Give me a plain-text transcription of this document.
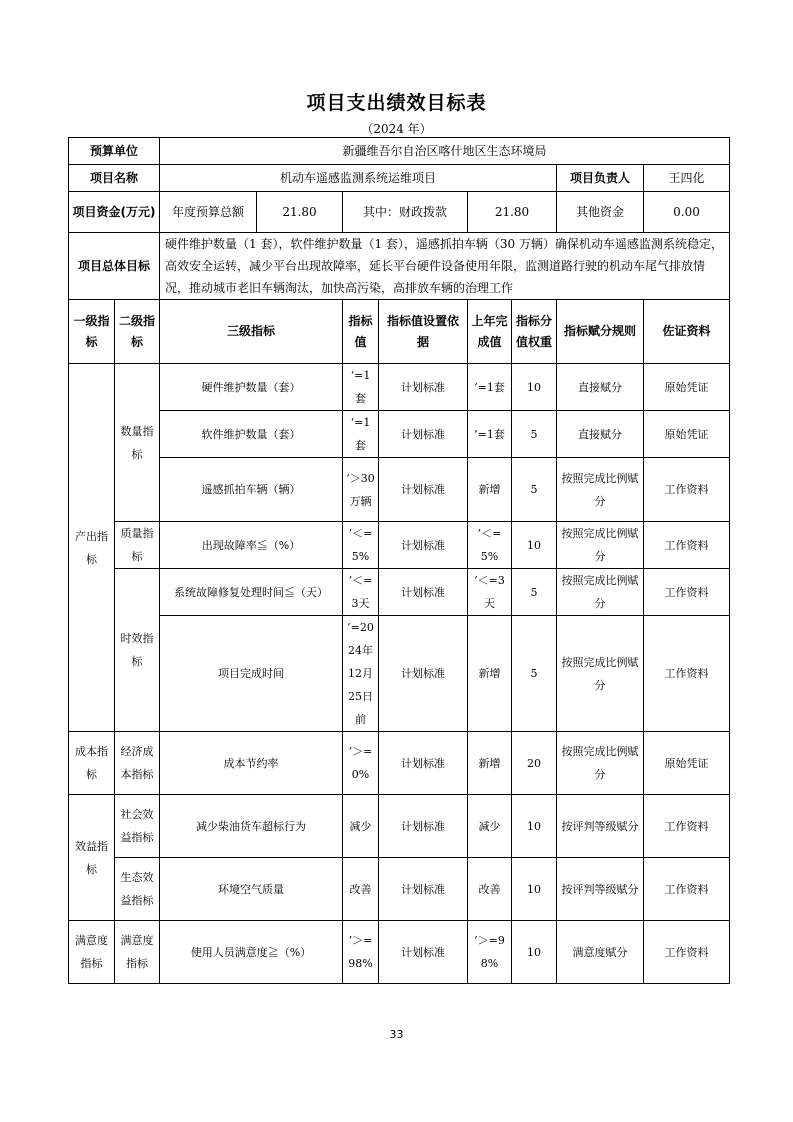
项目支出绩效目标表
（2024 年）
预算单位		新疆维吾尔自治区喀什地区生态环境局							
项目名称		机动车遥感监测系统运维项目						项目负责人	王四化
项目资金(万元)		年度预算总额	21.80	其中：财政拨款		21.80		其他资金	0.00
项目总体目标		硬件维护数量（1 套），软件维护数量（1 套），遥感抓拍车辆（30 万辆）确保机动车遥感监测系统稳定，高效安全运转，减少平台出现故障率，延长平台硬件设备使用年限，监测道路行驶的机动车尾气排放情况，推动城市老旧车辆淘汰，加快高污染，高排放车辆的治理工作							
一级指标	二级指标	三级指标		指标值	指标值设置依据	上年完成值	指标分值权重	指标赋分规则	佐证资料
产出指标	数量指标	硬件维护数量（套）		‘=1套	计划标准	‘=1套	10	直接赋分	原始凭证
		软件维护数量（套）		‘=1套	计划标准	’=1套	5	直接赋分	原始凭证
		遥感抓拍车辆（辆）		‘＞30万辆	计划标准	新增	5	按照完成比例赋分	工作资料
	质量指标	出现故障率≦（%）		’＜=5%	计划标准	’＜=5%	10	按照完成比例赋分	工作资料
	时效指标	系统故障修复处理时间≦（天）		‘＜=3天	计划标准	‘＜=3天	5	按照完成比例赋分	工作资料
		项目完成时间		’=2024年12月25日前	计划标准	新增	5	按照完成比例赋分	工作资料
成本指标	经济成本指标	成本节约率		‘＞=0%	计划标准	新增	20	按照完成比例赋分	原始凭证
效益指标	社会效益指标	减少柴油货车超标行为		减少	计划标准	减少	10	按评判等级赋分	工作资料
	生态效益指标	环境空气质量		改善	计划标准	改善	10	按评判等级赋分	工作资料
满意度指标	满意度指标	使用人员满意度≧（%）		’＞=98%	计划标准	’＞=98%	10	满意度赋分	工作资料
33
